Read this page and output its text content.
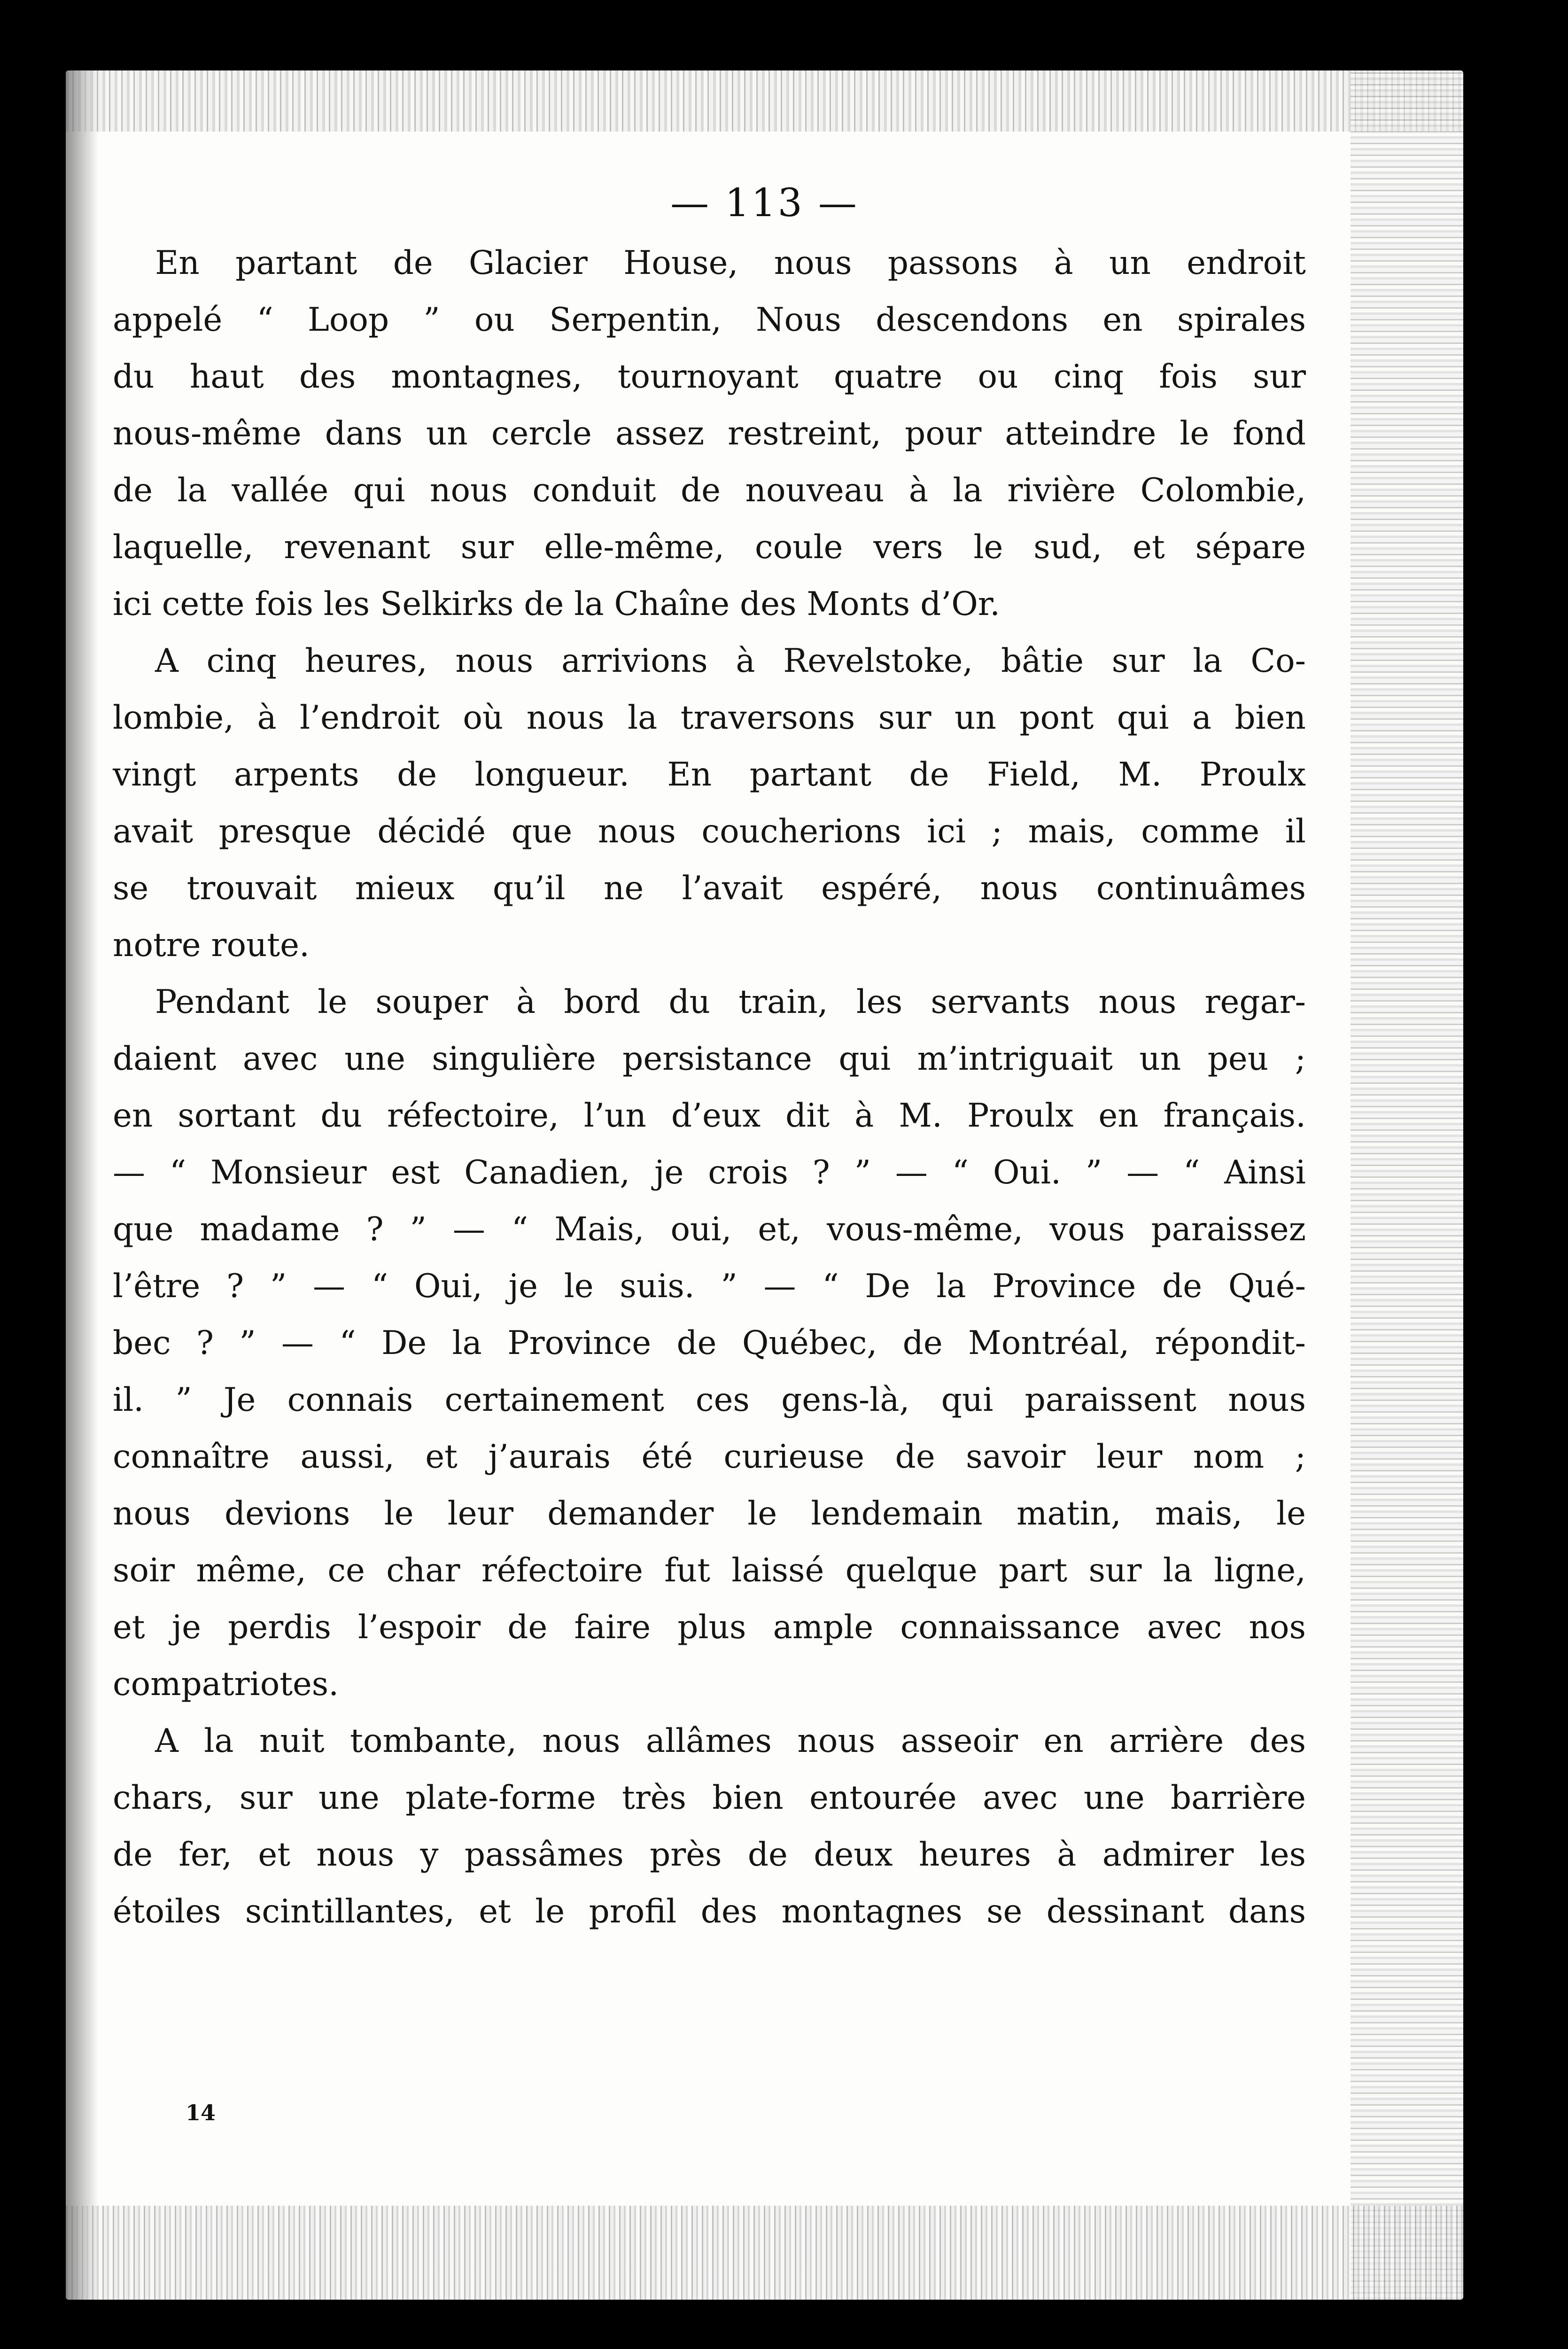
— 113 —
En partant de Glacier House, nous passons à un endroit
appelé “ Loop ” ou Serpentin, Nous descendons en spirales
du haut des montagnes, tournoyant quatre ou cinq fois sur
nous-même dans un cercle assez restreint, pour atteindre le fond
de la vallée qui nous conduit de nouveau à la rivière Colombie,
laquelle, revenant sur elle-même, coule vers le sud, et sépare
ici cette fois les Selkirks de la Chaîne des Monts d’Or.
A cinq heures, nous arrivions à Revelstoke, bâtie sur la Co-
lombie, à l’endroit où nous la traversons sur un pont qui a bien
vingt arpents de longueur. En partant de Field, M. Proulx
avait presque décidé que nous coucherions ici ; mais, comme il
se trouvait mieux qu’il ne l’avait espéré, nous continuâmes
notre route.
Pendant le souper à bord du train, les servants nous regar-
daient avec une singulière persistance qui m’intriguait un peu ;
en sortant du réfectoire, l’un d’eux dit à M. Proulx en français.
— “ Monsieur est Canadien, je crois ? ” — “ Oui. ” — “ Ainsi
que madame ? ” — “ Mais, oui, et, vous-même, vous paraissez
l’être ? ” — “ Oui, je le suis. ” — “ De la Province de Qué-
bec ? ” — “ De la Province de Québec, de Montréal, répondit-
il. ” Je connais certainement ces gens-là, qui paraissent nous
connaître aussi, et j’aurais été curieuse de savoir leur nom ;
nous devions le leur demander le lendemain matin, mais, le
soir même, ce char réfectoire fut laissé quelque part sur la ligne,
et je perdis l’espoir de faire plus ample connaissance avec nos
compatriotes.
A la nuit tombante, nous allâmes nous asseoir en arrière des
chars, sur une plate-forme très bien entourée avec une barrière
de fer, et nous y passâmes près de deux heures à admirer les
étoiles scintillantes, et le profil des montagnes se dessinant dans
14
